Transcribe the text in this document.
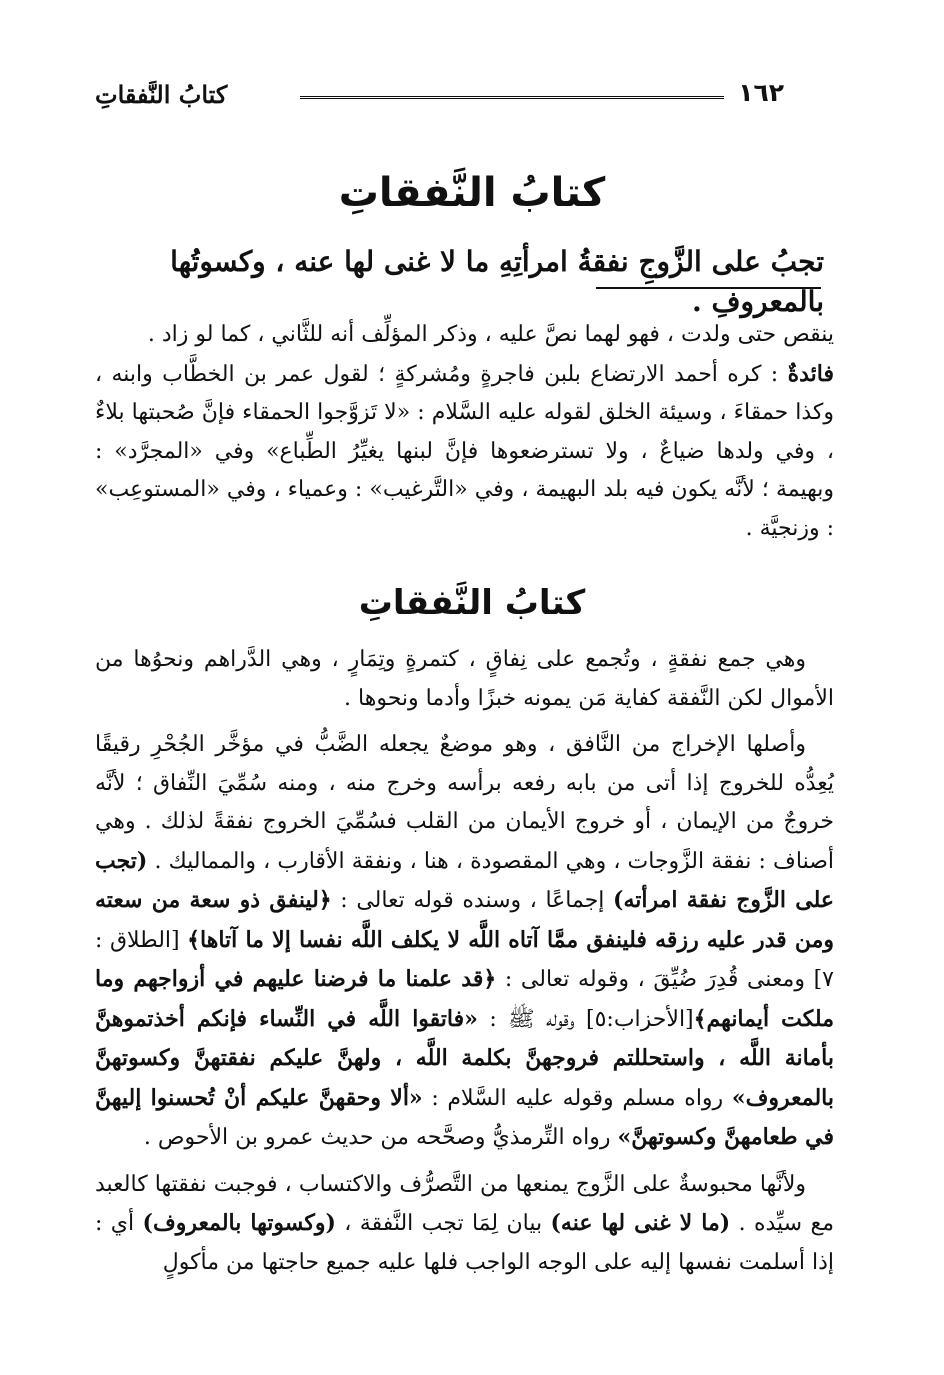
١٦٢
كتابُ النَّفقاتِ
كتابُ النَّفقاتِ
تجبُ على الزَّوجِ نفقةُ امرأتِهِ ما لا غنى لها عنه ، وكسوتُها بالمعروفِ .

ينقص حتى ولدت ، فهو لهما نصَّ عليه ، وذكر المؤلِّف أنه للثَّاني ، كما لو زاد .

فائدةٌ : كره أحمد الارتضاع بلبن فاجرةٍ ومُشركةٍ ؛ لقول عمر بن الخطَّاب وابنه ، وكذا حمقاءَ ، وسيئة الخلق لقوله عليه السَّلام : «لا تَزوَّجوا الحمقاء فإنَّ صُحبتها بلاءٌ ، وفي ولدها ضياعٌ ، ولا تسترضعوها فإنَّ لبنها يغيِّرُ الطِّباع» وفي «المجرَّد» : وبهيمة ؛ لأنَّه يكون فيه بلد البهيمة ، وفي «التَّرغيب» : وعمياء ، وفي «المستوعِب» : وزنجيَّة .

كتابُ النَّفقاتِ

وهي جمع نفقةٍ ، وتُجمع على نِفاقٍ ، كتمرةٍ وتِمَارٍ ، وهي الدَّراهم ونحوُها من الأموال لكن النَّفقة كفاية مَن يمونه خبزًا وأدما ونحوها .

وأصلها الإخراج من النَّافق ، وهو موضعٌ يجعله الضَّبُّ في مؤخَّر الجُحْرِ رقيقًا يُعِدُّه للخروج إذا أتى من بابه رفعه برأسه وخرج منه ، ومنه سُمِّيَ النِّفاق ؛ لأنَّه خروجٌ من الإيمان ، أو خروج الأيمان من القلب فسُمِّيَ الخروج نفقةً لذلك . وهي أصناف : نفقة الزَّوجات ، وهي المقصودة ، هنا ، ونفقة الأقارب ، والمماليك . (تجب على الزَّوج نفقة امرأته) إجماعًا ، وسنده قوله تعالى : ﴿لينفق ذو سعة من سعته ومن قدر عليه رزقه فلينفق ممَّا آتاه اللَّه لا يكلف اللَّه نفسا إلا ما آتاها﴾ [الطلاق : ٧] ومعنى قُدِرَ ضُيِّقَ ، وقوله تعالى : ﴿قد علمنا ما فرضنا عليهم في أزواجهم وما ملكت أيمانهم﴾[الأحزاب:٥] وقوله ﷺ : «فاتقوا اللَّه في النِّساء فإنكم أخذتموهنَّ بأمانة اللَّه ، واستحللتم فروجهنَّ بكلمة اللَّه ، ولهنَّ عليكم نفقتهنَّ وكسوتهنَّ بالمعروف» رواه مسلم وقوله عليه السَّلام : «ألا وحقهنَّ عليكم أنْ تُحسنوا إليهنَّ في طعامهنَّ وكسوتهنَّ» رواه التِّرمذيُّ وصحَّحه من حديث عمرو بن الأحوص .

ولأنَّها محبوسةٌ على الزَّوج يمنعها من التَّصرُّف والاكتساب ، فوجبت نفقتها كالعبد مع سيِّده . (ما لا غنى لها عنه) بيان لِمَا تجب النَّفقة ، (وكسوتها بالمعروف) أي : إذا أسلمت نفسها إليه على الوجه الواجب فلها عليه جميع حاجتها من مأكولٍ
